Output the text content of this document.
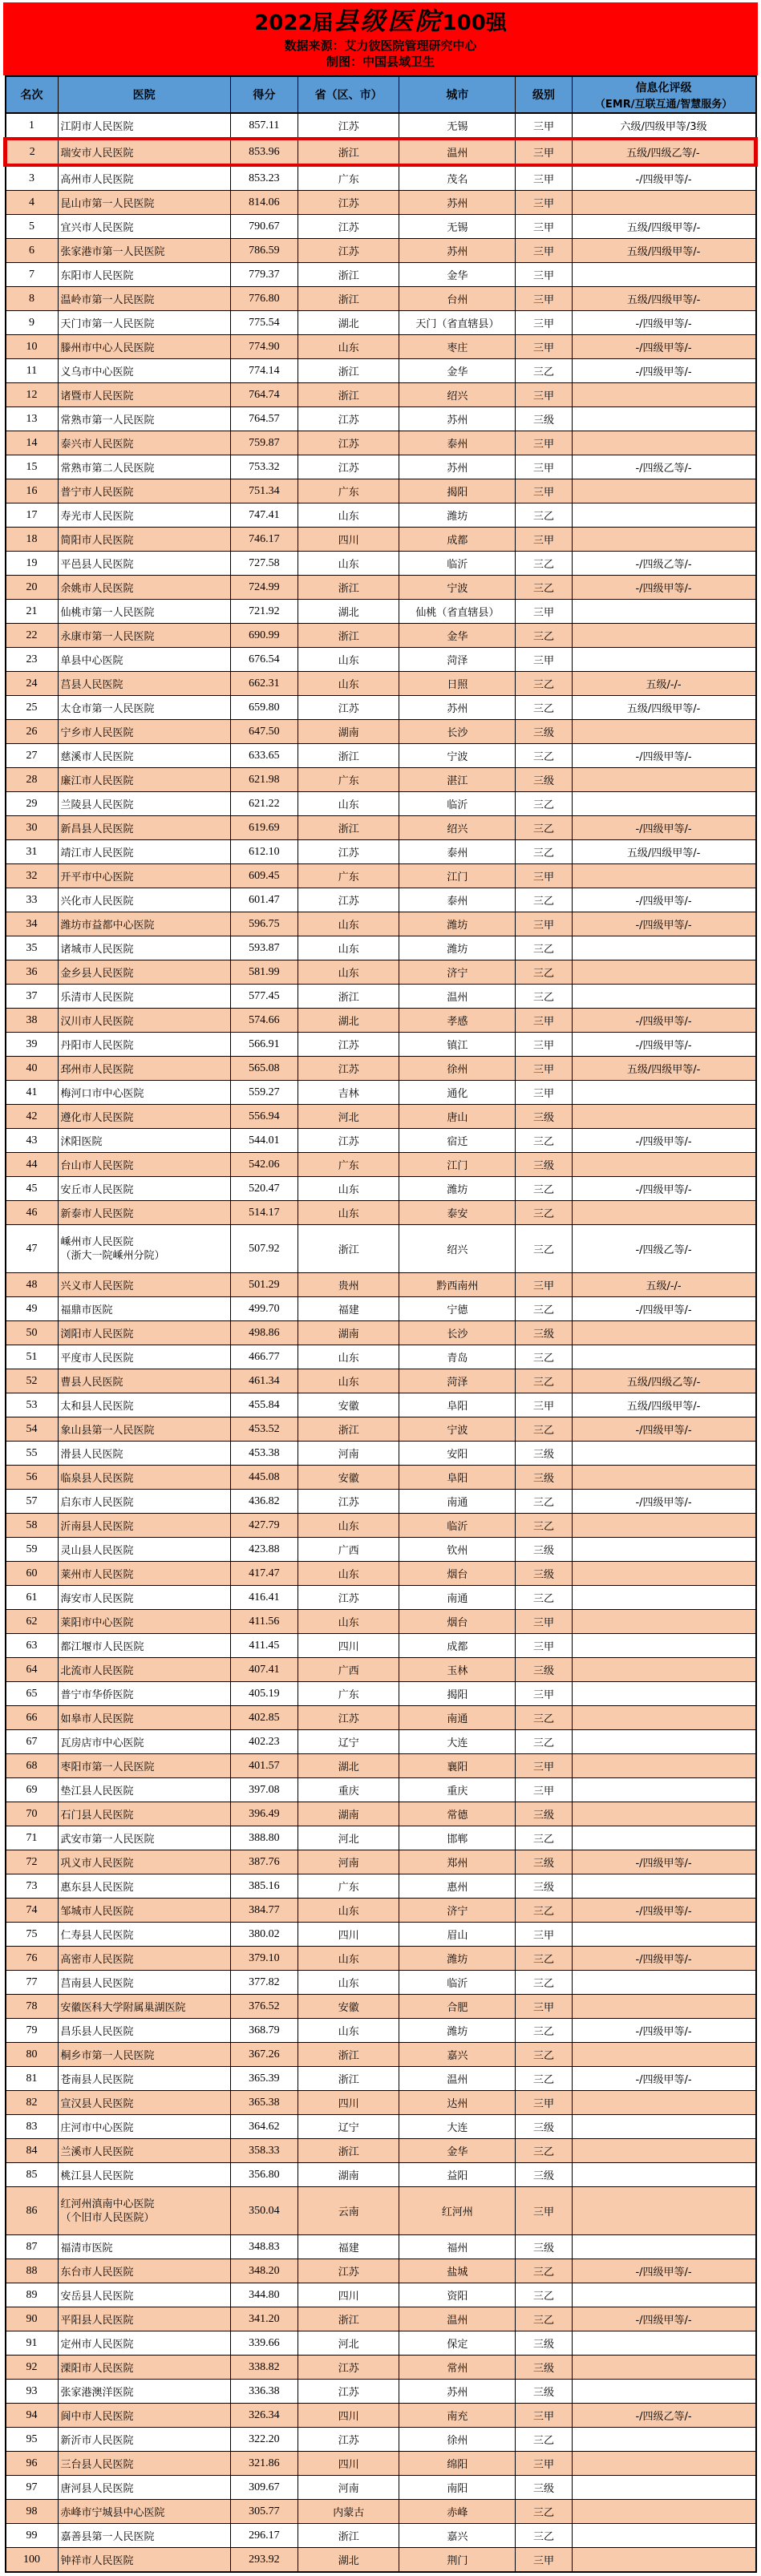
2022届县级医院100强
数据来源：艾力彼医院管理研究中心
制图：中国县域卫生
名次	医院	得分	省（区、市）	城市	级别	信息化评级
（EMR/互联互通/智慧服务）

1	江阴市人民医院	857.11	江苏	无锡	三甲	六级/四级甲等/3级
2	瑞安市人民医院	853.96	浙江	温州	三甲	五级/四级乙等/-
3	高州市人民医院	853.23	广东	茂名	三甲	-/四级甲等/-
4	昆山市第一人民医院	814.06	江苏	苏州	三甲	
5	宜兴市人民医院	790.67	江苏	无锡	三甲	五级/四级甲等/-
6	张家港市第一人民医院	786.59	江苏	苏州	三甲	五级/四级甲等/-
7	东阳市人民医院	779.37	浙江	金华	三甲	
8	温岭市第一人民医院	776.80	浙江	台州	三甲	五级/四级甲等/-
9	天门市第一人民医院	775.54	湖北	天门（省直辖县）	三甲	-/四级甲等/-
10	滕州市中心人民医院	774.90	山东	枣庄	三甲	-/四级甲等/-
11	义乌市中心医院	774.14	浙江	金华	三乙	-/四级甲等/-
12	诸暨市人民医院	764.74	浙江	绍兴	三甲	
13	常熟市第一人民医院	764.57	江苏	苏州	三级	
14	泰兴市人民医院	759.87	江苏	泰州	三甲	
15	常熟市第二人民医院	753.32	江苏	苏州	三甲	-/四级乙等/-
16	普宁市人民医院	751.34	广东	揭阳	三甲	
17	寿光市人民医院	747.41	山东	潍坊	三乙	
18	简阳市人民医院	746.17	四川	成都	三甲	
19	平邑县人民医院	727.58	山东	临沂	三乙	-/四级乙等/-
20	余姚市人民医院	724.99	浙江	宁波	三乙	-/四级甲等/-
21	仙桃市第一人民医院	721.92	湖北	仙桃（省直辖县）	三甲	
22	永康市第一人民医院	690.99	浙江	金华	三乙	
23	单县中心医院	676.54	山东	菏泽	三甲	
24	莒县人民医院	662.31	山东	日照	三乙	五级/-/-
25	太仓市第一人民医院	659.80	江苏	苏州	三乙	五级/四级甲等/-
26	宁乡市人民医院	647.50	湖南	长沙	三级	
27	慈溪市人民医院	633.65	浙江	宁波	三乙	-/四级甲等/-
28	廉江市人民医院	621.98	广东	湛江	三级	
29	兰陵县人民医院	621.22	山东	临沂	三乙	
30	新昌县人民医院	619.69	浙江	绍兴	三乙	-/四级甲等/-
31	靖江市人民医院	612.10	江苏	泰州	三乙	五级/四级甲等/-
32	开平市中心医院	609.45	广东	江门	三甲	
33	兴化市人民医院	601.47	江苏	泰州	三乙	-/四级甲等/-
34	潍坊市益都中心医院	596.75	山东	潍坊	三甲	-/四级甲等/-
35	诸城市人民医院	593.87	山东	潍坊	三乙	
36	金乡县人民医院	581.99	山东	济宁	三乙	
37	乐清市人民医院	577.45	浙江	温州	三乙	
38	汉川市人民医院	574.66	湖北	孝感	三甲	-/四级甲等/-
39	丹阳市人民医院	566.91	江苏	镇江	三甲	-/四级甲等/-
40	邳州市人民医院	565.08	江苏	徐州	三甲	五级/四级甲等/-
41	梅河口市中心医院	559.27	吉林	通化	三甲	
42	遵化市人民医院	556.94	河北	唐山	三级	
43	沭阳医院	544.01	江苏	宿迁	三乙	-/四级甲等/-
44	台山市人民医院	542.06	广东	江门	三级	
45	安丘市人民医院	520.47	山东	潍坊	三乙	-/四级甲等/-
46	新泰市人民医院	514.17	山东	泰安	三乙	
47	嵊州市人民医院
（浙大一院嵊州分院）	507.92	浙江	绍兴	三乙	-/四级乙等/-
48	兴义市人民医院	501.29	贵州	黔西南州	三甲	五级/-/-
49	福鼎市医院	499.70	福建	宁德	三乙	-/四级甲等/-
50	浏阳市人民医院	498.86	湖南	长沙	三级	
51	平度市人民医院	466.77	山东	青岛	三乙	
52	曹县人民医院	461.34	山东	菏泽	三乙	五级/四级乙等/-
53	太和县人民医院	455.84	安徽	阜阳	三甲	五级/四级甲等/-
54	象山县第一人民医院	453.52	浙江	宁波	三乙	-/四级甲等/-
55	滑县人民医院	453.38	河南	安阳	三级	
56	临泉县人民医院	445.08	安徽	阜阳	三级	
57	启东市人民医院	436.82	江苏	南通	三乙	-/四级甲等/-
58	沂南县人民医院	427.79	山东	临沂	三乙	
59	灵山县人民医院	423.88	广西	钦州	三级	
60	莱州市人民医院	417.47	山东	烟台	三级	
61	海安市人民医院	416.41	江苏	南通	三乙	
62	莱阳市中心医院	411.56	山东	烟台	三甲	
63	都江堰市人民医院	411.45	四川	成都	三甲	
64	北流市人民医院	407.41	广西	玉林	三级	
65	普宁市华侨医院	405.19	广东	揭阳	三甲	
66	如皋市人民医院	402.85	江苏	南通	三乙	
67	瓦房店市中心医院	402.23	辽宁	大连	三乙	
68	枣阳市第一人民医院	401.57	湖北	襄阳	三甲	
69	垫江县人民医院	397.08	重庆	重庆	三甲	
70	石门县人民医院	396.49	湖南	常德	三级	
71	武安市第一人民医院	388.80	河北	邯郸	三乙	
72	巩义市人民医院	387.76	河南	郑州	三级	-/四级甲等/-
73	惠东县人民医院	385.16	广东	惠州	三级	
74	邹城市人民医院	384.77	山东	济宁	三乙	-/四级甲等/-
75	仁寿县人民医院	380.02	四川	眉山	三甲	
76	高密市人民医院	379.10	山东	潍坊	三乙	-/四级甲等/-
77	莒南县人民医院	377.82	山东	临沂	三乙	
78	安徽医科大学附属巢湖医院	376.52	安徽	合肥	三甲	
79	昌乐县人民医院	368.79	山东	潍坊	三乙	-/四级甲等/-
80	桐乡市第一人民医院	367.26	浙江	嘉兴	三乙	
81	苍南县人民医院	365.39	浙江	温州	三乙	-/四级甲等/-
82	宣汉县人民医院	365.38	四川	达州	三甲	
83	庄河市中心医院	364.62	辽宁	大连	三级	
84	兰溪市人民医院	358.33	浙江	金华	三乙	
85	桃江县人民医院	356.80	湖南	益阳	三级	
86	红河州滇南中心医院
（个旧市人民医院）	350.04	云南	红河州	三甲	
87	福清市医院	348.83	福建	福州	三级	
88	东台市人民医院	348.20	江苏	盐城	三乙	-/四级甲等/-
89	安岳县人民医院	344.80	四川	资阳	三乙	
90	平阳县人民医院	341.20	浙江	温州	三乙	-/四级甲等/-
91	定州市人民医院	339.66	河北	保定	三级	
92	溧阳市人民医院	338.82	江苏	常州	三级	
93	张家港澳洋医院	336.38	江苏	苏州	三级	
94	阆中市人民医院	326.34	四川	南充	三甲	-/四级乙等/-
95	新沂市人民医院	322.20	江苏	徐州	三乙	
96	三台县人民医院	321.86	四川	绵阳	三甲	
97	唐河县人民医院	309.67	河南	南阳	三级	
98	赤峰市宁城县中心医院	305.77	内蒙古	赤峰	三乙	
99	嘉善县第一人民医院	296.17	浙江	嘉兴	三乙	
100	钟祥市人民医院	293.92	湖北	荆门	三甲	
